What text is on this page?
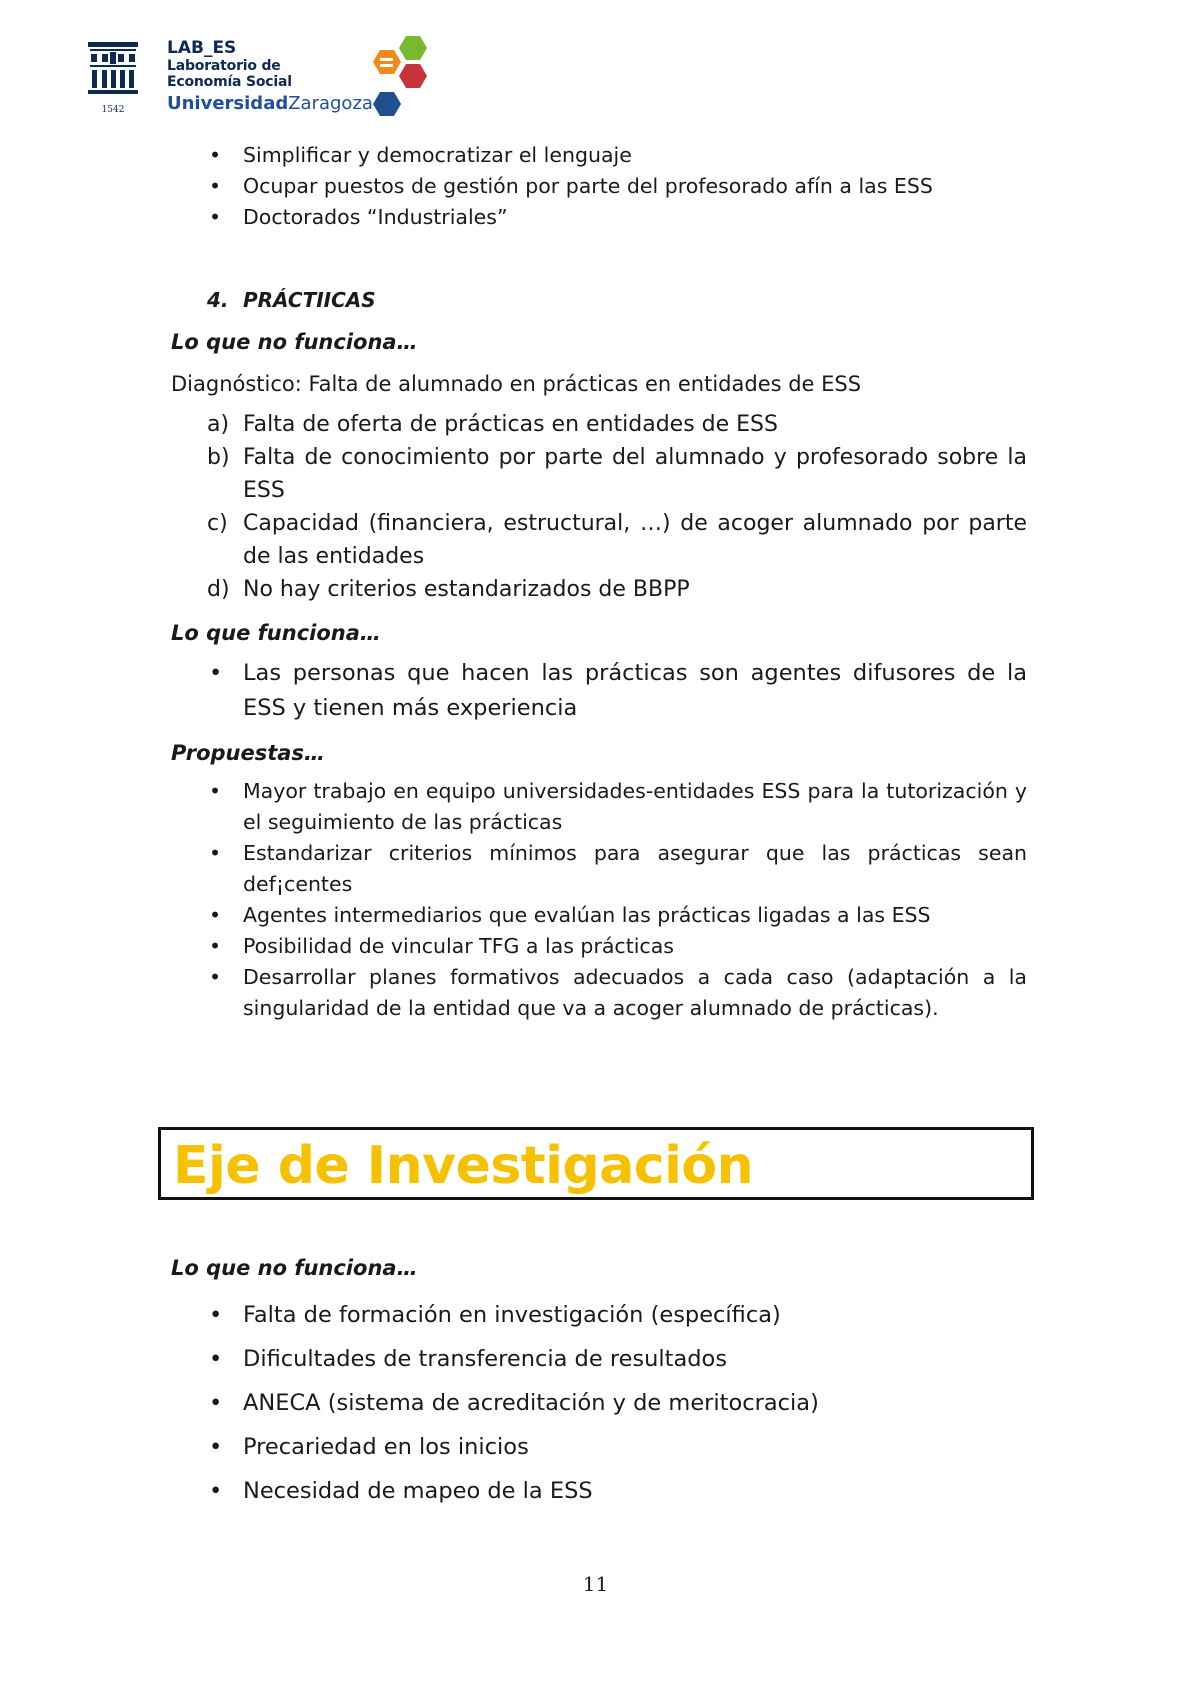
1542
LAB_ES
Laboratorio de
Economía Social
UniversidadZaragoza
• Simplificar y democratizar el lenguaje
• Ocupar puestos de gestión por parte del profesorado afín a las ESS
• Doctorados “Industriales”
4. PRÁCTIICAS
Lo que no funciona…
Diagnóstico: Falta de alumnado en prácticas en entidades de ESS
a) Falta de oferta de prácticas en entidades de ESS
b) Falta de conocimiento por parte del alumnado y profesorado sobre la ESS
c) Capacidad (financiera, estructural, …) de acoger alumnado por parte de las entidades
d) No hay criterios estandarizados de BBPP
Lo que funciona…
• Las personas que hacen las prácticas son agentes difusores de la ESS y tienen más experiencia
Propuestas…
• Mayor trabajo en equipo universidades-entidades ESS para la tutorización y el seguimiento de las prácticas
• Estandarizar criterios mínimos para asegurar que las prácticas sean def¡centes
• Agentes intermediarios que evalúan las prácticas ligadas a las ESS
• Posibilidad de vincular TFG a las prácticas
• Desarrollar planes formativos adecuados a cada caso (adaptación a la singularidad de la entidad que va a acoger alumnado de prácticas).
Eje de Investigación
Lo que no funciona…
• Falta de formación en investigación (específica)
• Dificultades de transferencia de resultados
• ANECA (sistema de acreditación y de meritocracia)
• Precariedad en los inicios
• Necesidad de mapeo de la ESS
11
